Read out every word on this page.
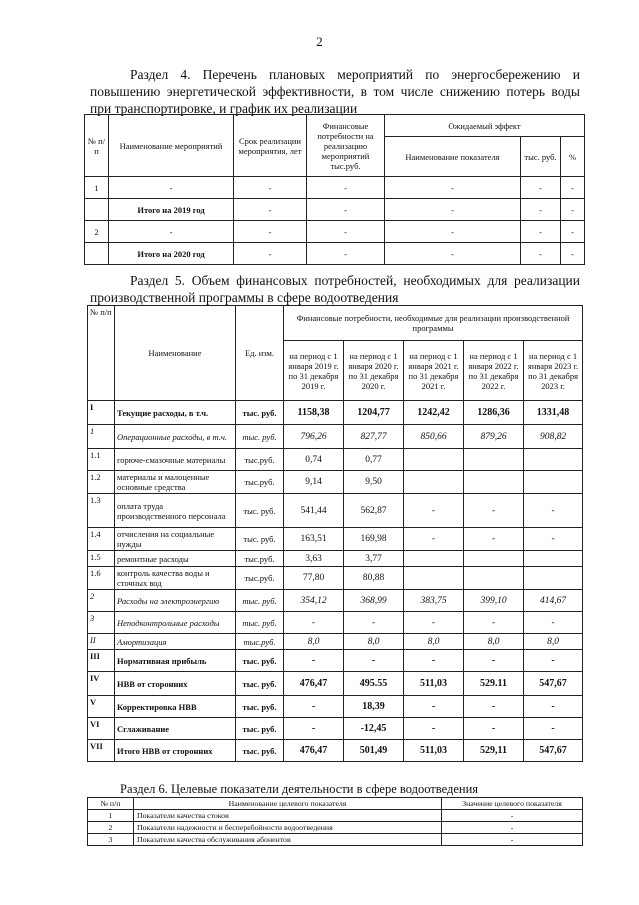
2
Раздел 4. Перечень плановых мероприятий по энергосбережению и повышению энергетической эффективности, в том числе снижению потерь воды при транспортировке, и график их реализации
№ п/п	Наименование мероприятий	Срок реализации мероприятия, лет	Финансовые потребности на реализацию мероприятий тыс.руб.	Ожидаемый эффект		
				Наименование показателя	тыс. руб.	%
1	-	-	-	-	-	-
	Итого на 2019 год	-	-	-	-	-
2	-	-	-	-	-	-
	Итого на 2020 год	-	-	-	-	-
Раздел 5. Объем финансовых потребностей, необходимых для реализации производственной программы в сфере водоотведения
№ п/п	Наименование	Ед. изм.	Финансовые потребности, необходимые для реализации производственной программы				
			на период с 1 января 2019 г. по 31 декабря 2019 г.	на период с 1 января 2020 г. по 31 декабря 2020 г.	на период с 1 января 2021 г. по 31 декабря 2021 г.	на период с 1 января 2022 г. по 31 декабря 2022 г.	на период с 1 января 2023 г. по 31 декабря 2023 г.
I	Текущие расходы, в т.ч.	тыс. руб.	1158,38	1204,77	1242,42	1286,36	1331,48
1	Операционные расходы, в т.ч.	тыс. руб.	796,26	827,77	850,66	879,26	908,82
1.1	горюче-смазочные материалы	тыс.руб.	0,74	0,77			
1.2	материалы и малоценные основные средства	тыс.руб.	9,14	9,50			
1.3	оплата труда производственного персонала	тыс. руб.	541,44	562,87	-	-	-
1.4	отчисления на социальные нужды	тыс. руб.	163,51	169,98	-	-	-
1.5	ремонтные расходы	тыс.руб.	3,63	3,77			
1.6	контроль качества воды и сточных вод	тыс.руб.	77,80	80,88			
2	Расходы на электроэнергию	тыс. руб.	354,12	368,99	383,75	399,10	414,67
3	Неподконтрольные расходы	тыс. руб.	-	-	-	-	-
II	Амортизация	тыс.руб.	8,0	8,0	8,0	8,0	8,0
III	Нормативная прибыль	тыс. руб.	-	-	-	-	-
IV	НВВ от сторонних	тыс. руб.	476,47	495.55	511,03	529.11	547,67
V	Корректировка НВВ	тыс. руб.	-	18,39	-	-	-
VI	Сглаживание	тыс. руб.	-	-12,45	-	-	-
VII	Итого НВВ от сторонних	тыс. руб.	476,47	501,49	511,03	529,11	547,67
Раздел 6. Целевые показатели деятельности в сфере водоотведения
№ п/п	Наименование целевого показателя	Значение целевого показателя
1	Показатели качества стоков	-
2	Показатели надежности и бесперебойности водоотведения	-
3	Показатели качества обслуживания абонентов	-
